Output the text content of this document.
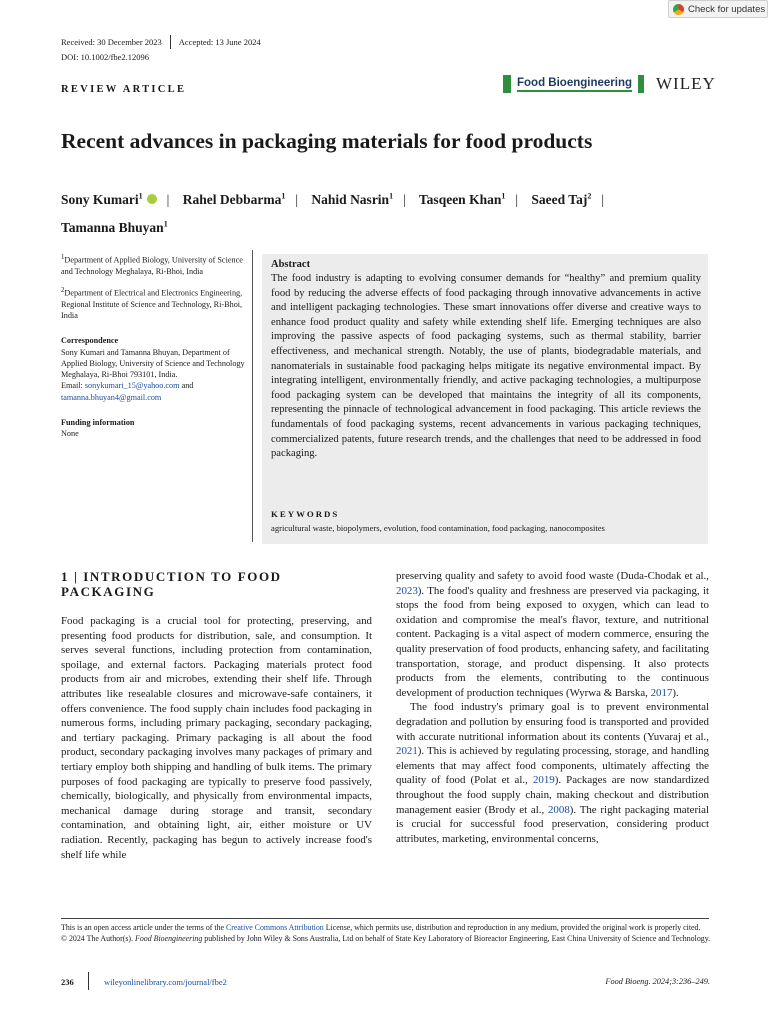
Check for updates
Received: 30 December 2023 Accepted: 13 June 2024
DOI: 10.1002/fbe2.12096
REVIEW ARTICLE
Food Bioengineering WILEY
Recent advances in packaging materials for food products
Sony Kumari$^1$ | Rahel Debbarma$^1$ | Nahid Nasrin$^1$ | Tasqeen Khan$^1$ | Saeed Taj$^2$ |
Tamanna Bhuyan$^1$

$^1$Department of Applied Biology, University of Science and Technology Meghalaya, Ri-Bhoi, India

$^2$Department of Electrical and Electronics Engineering, Regional Institute of Science and Technology, Ri-Bhoi, India

Correspondence
Sony Kumari and Tamanna Bhuyan, Department of Applied Biology, University of Science and Technology Meghalaya, Ri-Bhoi 793101, India.
Email: sonykumari_15@yahoo.com and
tamanna.bhuyan4@gmail.com

Funding information
None

Abstract
The food industry is adapting to evolving consumer demands for “healthy” and premium quality food by reducing the adverse effects of food packaging through innovative advancements in active and intelligent packaging technologies. These smart innovations offer diverse and creative ways to enhance food product quality and safety while extending shelf life. Emerging techniques are also improving the passive aspects of food packaging systems, such as thermal stability, barrier effectiveness, and mechanical strength. Notably, the use of plants, biodegradable materials, and nanomaterials in sustainable food packaging helps mitigate its negative environmental impact. By integrating intelligent, environmentally friendly, and active packaging technologies, a multipurpose food packaging system can be developed that maintains the integrity of all its components, representing the pinnacle of technological advancement in food packaging. This article reviews the fundamentals of food packaging systems, recent advancements in various packaging techniques, commercialized patents, future research trends, and the challenges that need to be addressed in food packaging.
KEYWORDS
agricultural waste, biopolymers, evolution, food contamination, food packaging, nanocomposites
1 | INTRODUCTION TO FOOD PACKAGING

Food packaging is a crucial tool for protecting, preserving, and presenting food products for distribution, sale, and consumption. It serves several functions, including protection from contamination, spoilage, and external factors. Packaging materials protect food products from air and microbes, extending their shelf life. Through attributes like resealable closures and microwave-safe containers, it offers convenience. The food supply chain includes food packaging in numerous forms, including primary packaging, secondary packaging, and tertiary packaging. Primary packaging is all about the food product, secondary packaging involves many packages of primary and tertiary employ both shipping and handling of bulk items. The primary purposes of food packaging are typically to preserve food passively, chemically, biologically, and physically from environmental impacts, mechanical damage during storage and transit, secondary contamination, and obtaining light, air, either moisture or UV radiation. Recently, packaging has begun to actively increase food's shelf life while

preserving quality and safety to avoid food waste (Duda-Chodak et al., 2023). The food's quality and freshness are preserved via packaging, it stops the food from being exposed to oxygen, which can lead to oxidation and compromise the meal's flavor, texture, and nutritional content. Packaging is a vital aspect of modern commerce, ensuring the quality preservation of food products, enhancing safety, and facilitating transportation, storage, and product dispensing. It also protects products from the elements, contributing to the continuous development of production techniques (Wyrwa & Barska, 2017).

The food industry's primary goal is to prevent environmental degradation and pollution by ensuring food is transported and provided with accurate nutritional information about its contents (Yuvaraj et al., 2021). This is achieved by regulating processing, storage, and handling elements that may affect food components, ultimately affecting the quality of food (Polat et al., 2019). Packages are now standardized throughout the food supply chain, making checkout and distribution management easier (Brody et al., 2008). The right packaging material is crucial for successful food preservation, considering product attributes, marketing, environmental concerns,

This is an open access article under the terms of the Creative Commons Attribution License, which permits use, distribution and reproduction in any medium, provided the original work is properly cited.

© 2024 The Author(s). Food Bioengineering published by John Wiley & Sons Australia, Ltd on behalf of State Key Laboratory of Bioreactor Engineering, East China University of Science and Technology.

236	wileyonlinelibrary.com/journal/fbe2	Food Bioeng. 2024;3:236–249.
